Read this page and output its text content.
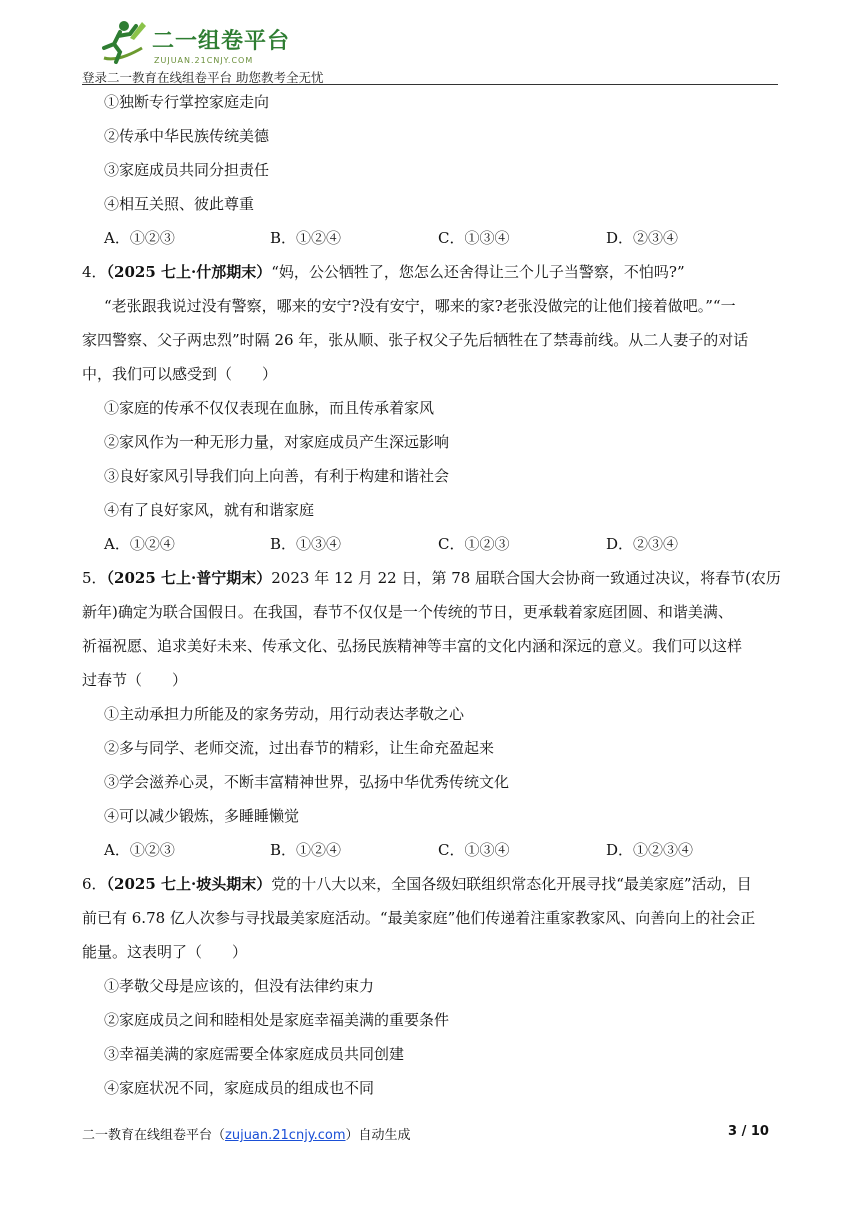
二一组卷平台
ZUJUAN.21CNJY.COM
登录二一教育在线组卷平台 助您教考全无忧
①独断专行掌控家庭走向
②传承中华民族传统美德
③家庭成员共同分担责任
④相互关照、彼此尊重
A．①②③	B．①②④	C．①③④	D．②③④
4．（2025 七上·什邡期末）“妈，公公牺牲了，您怎么还舍得让三个儿子当警察，不怕吗?”
“老张跟我说过没有警察，哪来的安宁?没有安宁，哪来的家?老张没做完的让他们接着做吧。”“一
家四警察、父子两忠烈”时隔 26 年，张从顺、张子权父子先后牺牲在了禁毒前线。从二人妻子的对话
中，我们可以感受到（　　）
①家庭的传承不仅仅表现在血脉，而且传承着家风
②家风作为一种无形力量，对家庭成员产生深远影响
③良好家风引导我们向上向善，有利于构建和谐社会
④有了良好家风，就有和谐家庭
A．①②④	B．①③④	C．①②③	D．②③④
5．（2025 七上·普宁期末）2023 年 12 月 22 日，第 78 届联合国大会协商一致通过决议，将春节(农历
新年)确定为联合国假日。在我国，春节不仅仅是一个传统的节日，更承载着家庭团圆、和谐美满、
祈福祝愿、追求美好未来、传承文化、弘扬民族精神等丰富的文化内涵和深远的意义。我们可以这样
过春节（　　）
①主动承担力所能及的家务劳动，用行动表达孝敬之心
②多与同学、老师交流，过出春节的精彩，让生命充盈起来
③学会滋养心灵，不断丰富精神世界，弘扬中华优秀传统文化
④可以减少锻炼，多睡睡懒觉
A．①②③	B．①②④	C．①③④	D．①②③④
6．（2025 七上·坡头期末）党的十八大以来，全国各级妇联组织常态化开展寻找“最美家庭”活动，目
前已有 6.78 亿人次参与寻找最美家庭活动。“最美家庭”他们传递着注重家教家风、向善向上的社会正
能量。这表明了（　　）
①孝敬父母是应该的，但没有法律约束力
②家庭成员之间和睦相处是家庭幸福美满的重要条件
③幸福美满的家庭需要全体家庭成员共同创建
④家庭状况不同，家庭成员的组成也不同
二一教育在线组卷平台（zujuan.21cnjy.com）自动生成	3 / 10
